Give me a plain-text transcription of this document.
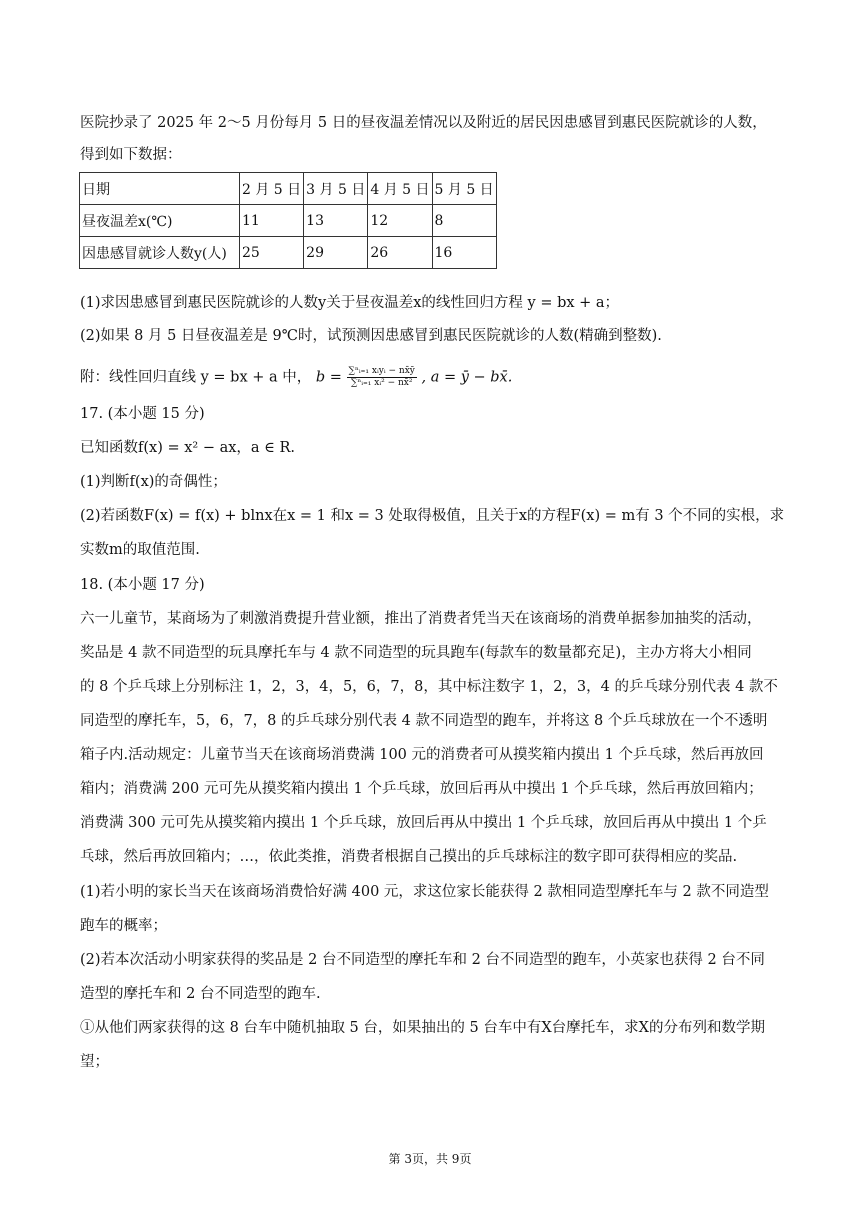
医院抄录了 2025 年 2～5 月份每月 5 日的昼夜温差情况以及附近的居民因患感冒到惠民医院就诊的人数，
得到如下数据：
日期	2 月 5 日	3 月 5 日	4 月 5 日	5 月 5 日
昼夜温差x(℃)	11	13	12	8
因患感冒就诊人数y(人)	25	29	26	16
(1)求因患感冒到惠民医院就诊的人数y关于昼夜温差x的线性回归方程 y = bx + a；
(2)如果 8 月 5 日昼夜温差是 9℃时，试预测因患感冒到惠民医院就诊的人数(精确到整数).
附：线性回归直线 y = bx + a 中， $b = \frac{\text{∑ⁿᵢ₌₁ xᵢyᵢ − nx̄ȳ}}{\text{∑ⁿᵢ₌₁ xᵢ² − nx̄²}}$ , a = ȳ − bx̄.
17. (本小题 15 分)
已知函数f(x) = x² − ax，a ∈ R.
(1)判断f(x)的奇偶性；
(2)若函数F(x) = f(x) + blnx在x = 1 和x = 3 处取得极值，且关于x的方程F(x) = m有 3 个不同的实根，求
实数m的取值范围.
18. (本小题 17 分)
六一儿童节，某商场为了刺激消费提升营业额，推出了消费者凭当天在该商场的消费单据参加抽奖的活动，
奖品是 4 款不同造型的玩具摩托车与 4 款不同造型的玩具跑车(每款车的数量都充足)，主办方将大小相同
的 8 个乒乓球上分别标注 1，2，3，4，5，6，7，8，其中标注数字 1，2，3，4 的乒乓球分别代表 4 款不
同造型的摩托车，5，6，7，8 的乒乓球分别代表 4 款不同造型的跑车，并将这 8 个乒乓球放在一个不透明
箱子内.活动规定：儿童节当天在该商场消费满 100 元的消费者可从摸奖箱内摸出 1 个乒乓球，然后再放回
箱内；消费满 200 元可先从摸奖箱内摸出 1 个乒乓球，放回后再从中摸出 1 个乒乓球，然后再放回箱内；
消费满 300 元可先从摸奖箱内摸出 1 个乒乓球，放回后再从中摸出 1 个乒乓球，放回后再从中摸出 1 个乒
乓球，然后再放回箱内；…，依此类推，消费者根据自己摸出的乒乓球标注的数字即可获得相应的奖品.
(1)若小明的家长当天在该商场消费恰好满 400 元，求这位家长能获得 2 款相同造型摩托车与 2 款不同造型
跑车的概率；
(2)若本次活动小明家获得的奖品是 2 台不同造型的摩托车和 2 台不同造型的跑车，小英家也获得 2 台不同
造型的摩托车和 2 台不同造型的跑车.
①从他们两家获得的这 8 台车中随机抽取 5 台，如果抽出的 5 台车中有X台摩托车，求X的分布列和数学期
望；
第 3页，共 9页
